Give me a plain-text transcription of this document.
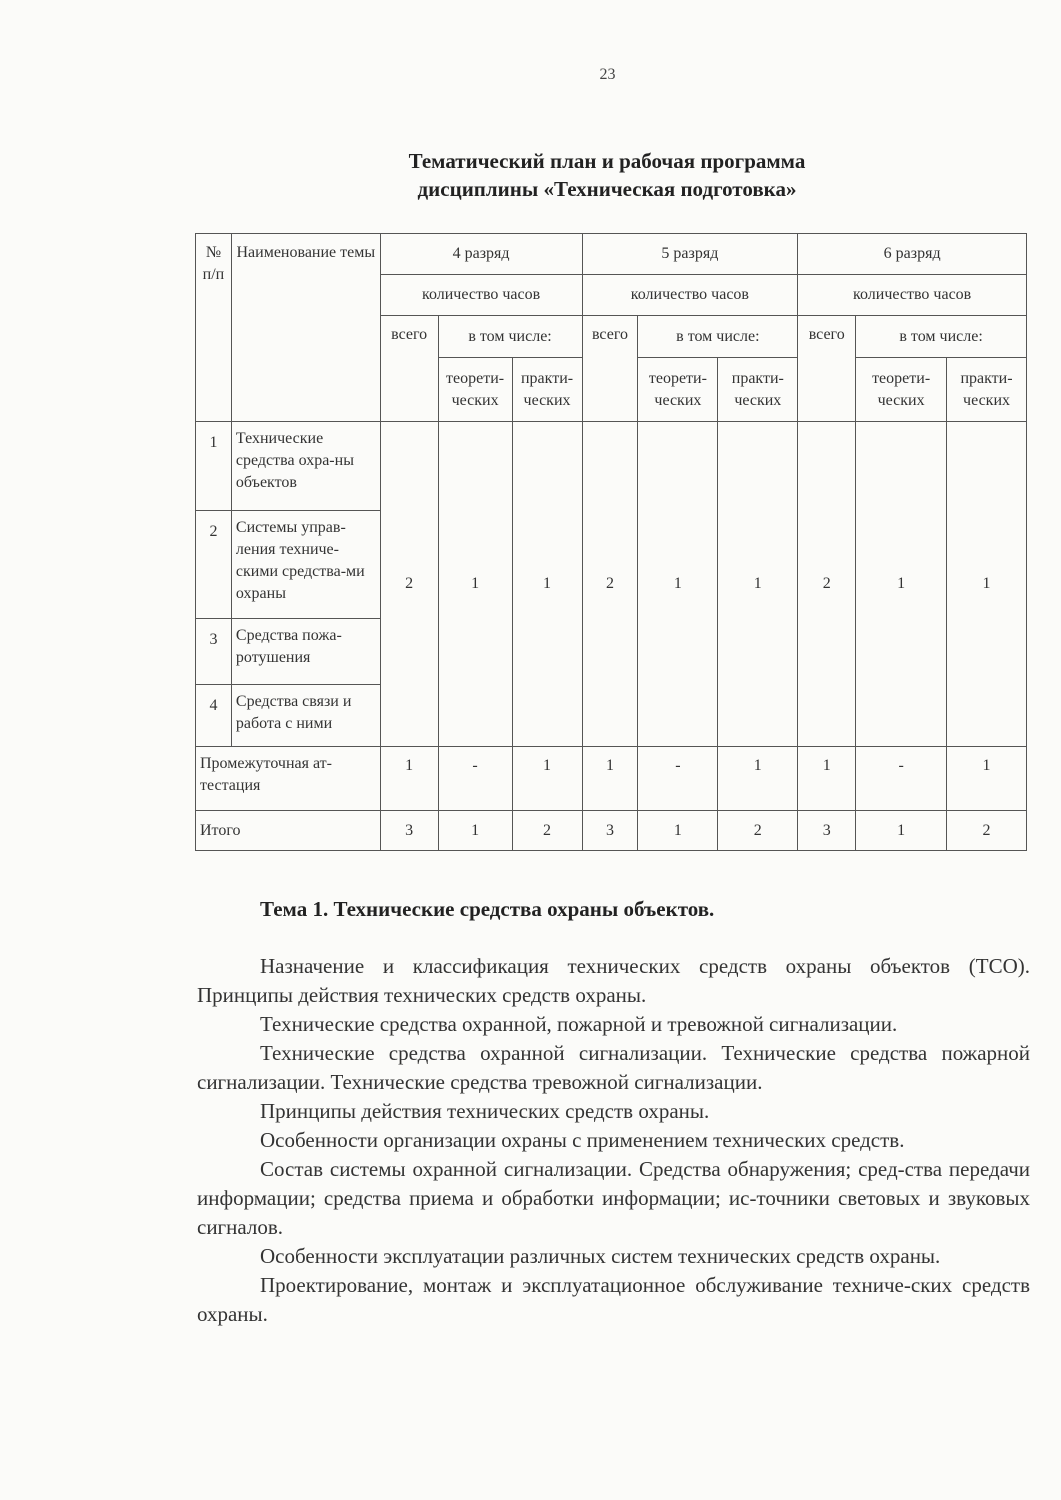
23
Тематический план и рабочая программа
дисциплины «Техническая подготовка»
№ п/п	Наименование темы	4 разряд			5 разряд			6 разряд		
		количество часов			количество часов			количество часов		
		всего	в том числе:		всего	в том числе:		всего	в том числе:	
			теорети-ческих	практи-ческих		теорети-ческих	практи-ческих		теорети-ческих	практи-ческих
1	Технические средства охра-ны объектов	2	1	1	2	1	1	2	1	1
2	Системы управ-ления техниче-скими средства-ми охраны									
3	Средства пожа-ротушения									
4	Средства связи и работа с ними									
Промежуточная ат-тестация		1	-	1	1	-	1	1	-	1
Итого		3	1	2	3	1	2	3	1	2
Тема 1. Технические средства охраны объектов.

Назначение и классификация технических средств охраны объектов (ТСО). Принципы действия технических средств охраны.

Технические средства охранной, пожарной и тревожной сигнализации.

Технические средства охранной сигнализации. Технические средства пожарной сигнализации. Технические средства тревожной сигнализации.

Принципы действия технических средств охраны.

Особенности организации охраны с применением технических средств.

Состав системы охранной сигнализации. Средства обнаружения; сред-ства передачи информации; средства приема и обработки информации; ис-точники световых и звуковых сигналов.

Особенности эксплуатации различных систем технических средств охраны.

Проектирование, монтаж и эксплуатационное обслуживание техниче-ских средств охраны.
